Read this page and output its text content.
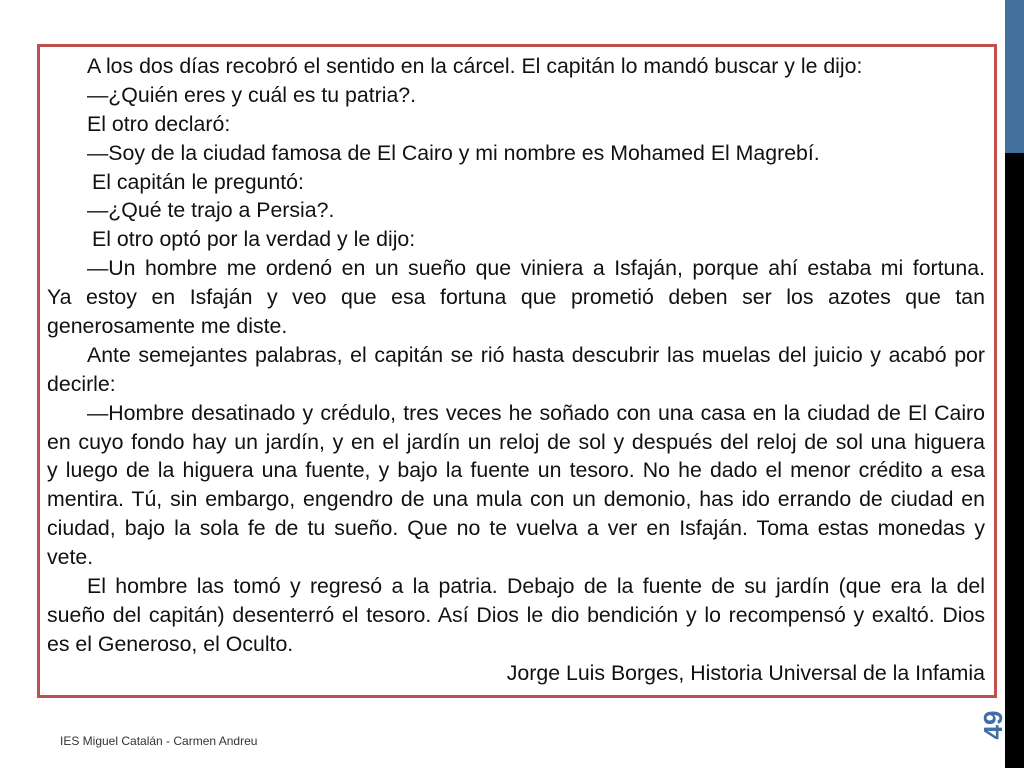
A los dos días recobró el sentido en la cárcel. El capitán lo mandó buscar y le dijo:
—¿Quién eres y cuál es tu patria?.
El otro declaró:
—Soy de la ciudad famosa de El Cairo y mi nombre es Mohamed El Magrebí.
El capitán le preguntó:
—¿Qué te trajo a Persia?.
El otro optó por la verdad y le dijo:
—Un hombre me ordenó en un sueño que viniera a Isfaján, porque ahí estaba mi fortuna.
Ya estoy en Isfaján y veo que esa fortuna que prometió deben ser los azotes que tan
generosamente me diste.
Ante semejantes palabras, el capitán se rió hasta descubrir las muelas del juicio y acabó por
decirle:
—Hombre desatinado y crédulo, tres veces he soñado con una casa en la ciudad de El Cairo
en cuyo fondo hay un jardín, y en el jardín un reloj de sol y después del reloj de sol una higuera
y luego de la higuera una fuente, y bajo la fuente un tesoro. No he dado el menor crédito a esa
mentira. Tú, sin embargo, engendro de una mula con un demonio, has ido errando de ciudad en
ciudad, bajo la sola fe de tu sueño. Que no te vuelva a ver en Isfaján. Toma estas monedas y
vete.
El hombre las tomó y regresó a la patria. Debajo de la fuente de su jardín (que era la del
sueño del capitán) desenterró el tesoro. Así Dios le dio bendición y lo recompensó y exaltó. Dios
es el Generoso, el Oculto.
Jorge Luis Borges, Historia Universal de la Infamia
IES Miguel Catalán - Carmen Andreu
49
